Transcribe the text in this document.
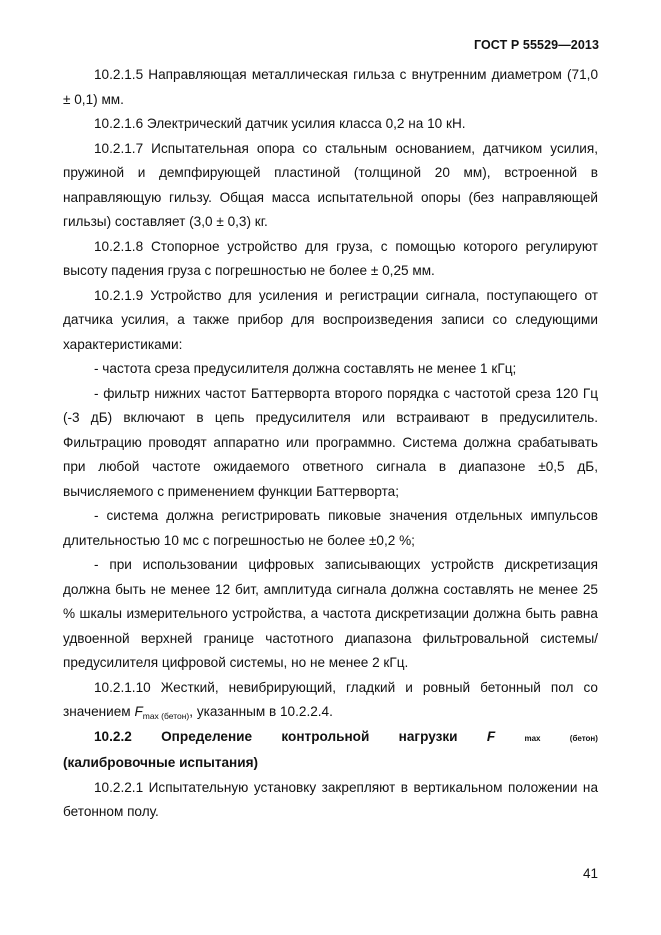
ГОСТ Р 55529—2013

10.2.1.5 Направляющая металлическая гильза с внутренним диаметром (71,0 ± 0,1) мм.

10.2.1.6 Электрический датчик усилия класса 0,2 на 10 кН.

10.2.1.7 Испытательная опора со стальным основанием, датчиком усилия, пружиной и демпфирующей пластиной (толщиной 20 мм), встроенной в направляющую гильзу. Общая масса испытательной опоры (без направляющей гильзы) составляет (3,0 ± 0,3) кг.

10.2.1.8 Стопорное устройство для груза, с помощью которого регулируют высоту падения груза с погрешностью не более ± 0,25 мм.

10.2.1.9 Устройство для усиления и регистрации сигнала, поступающего от датчика усилия, а также прибор для воспроизведения записи со следующими характеристиками:

- частота среза предусилителя должна составлять не менее 1 кГц;

- фильтр нижних частот Баттерворта второго порядка с частотой среза 120 Гц (-3 дБ) включают в цепь предусилителя или встраивают в предусилитель. Фильтрацию проводят аппаратно или программно. Система должна срабатывать при любой частоте ожидаемого ответного сигнала в диапазоне ±0,5 дБ, вычисляемого с применением функции Баттерворта;

- система должна регистрировать пиковые значения отдельных импульсов длительностью 10 мс с погрешностью не более ±0,2 %;

- при использовании цифровых записывающих устройств дискретизация должна быть не менее 12 бит, амплитуда сигнала должна составлять не менее 25 % шкалы измерительного устройства, а частота дискретизации должна быть равна удвоенной верхней границе частотного диапазона фильтровальной системы/ предусилителя цифровой системы, но не менее 2 кГц.

10.2.1.10 Жесткий, невибрирующий, гладкий и ровный бетонный пол со значением $F_{max (бетон)}$, указанным в 10.2.2.4.

10.2.2 Определение контрольной нагрузки F	max	(бетон)
(калибровочные испытания)

10.2.2.1 Испытательную установку закрепляют в вертикальном положении на бетонном полу.

41
